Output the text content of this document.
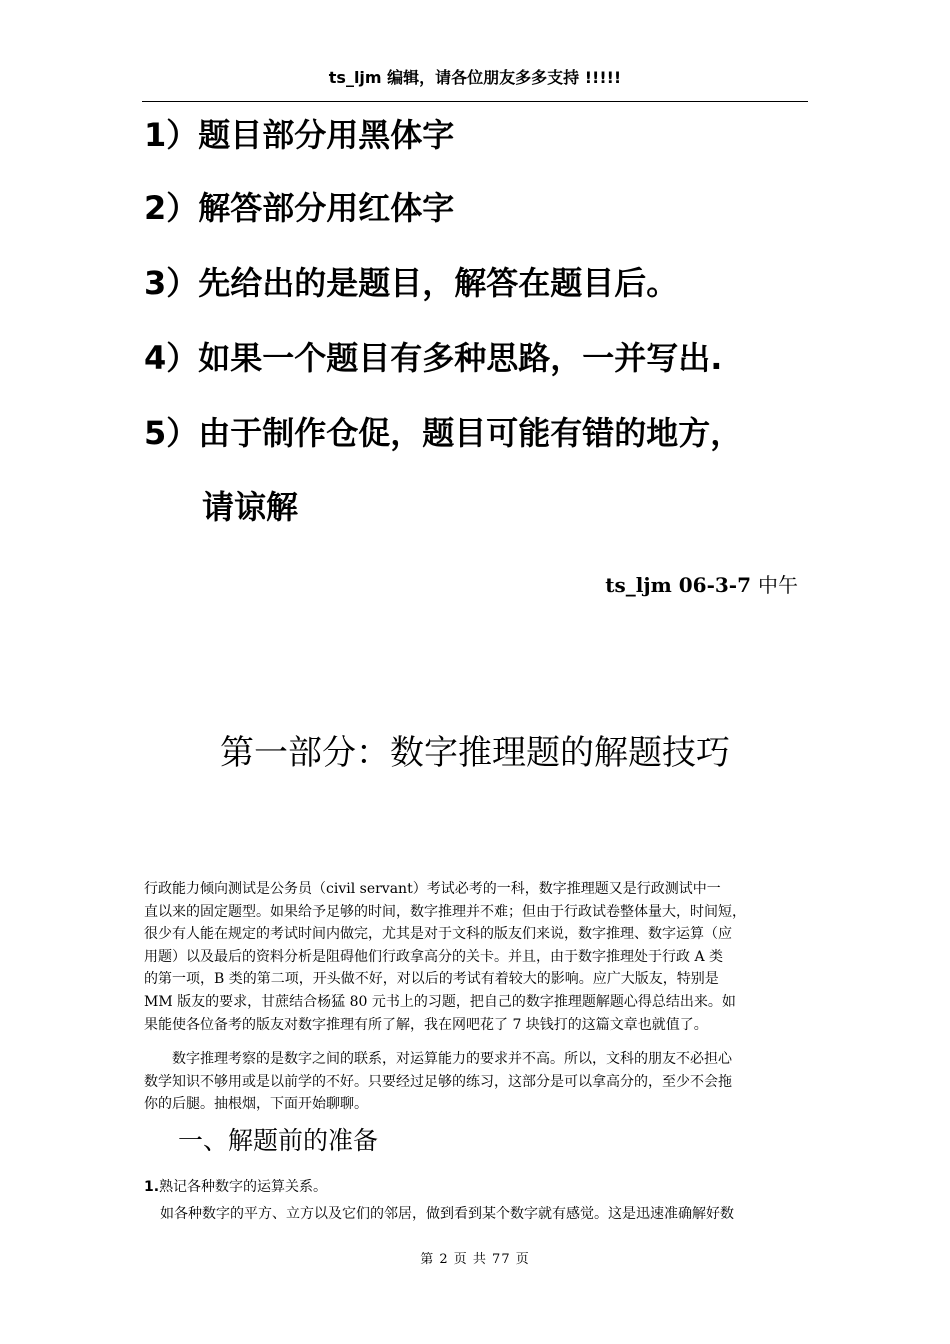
ts_ljm 编辑，请各位朋友多多支持 !!!!!
1）题目部分用黑体字
2）解答部分用红体字
3）先给出的是题目，解答在题目后。
4）如果一个题目有多种思路，一并写出.
5）由于制作仓促，题目可能有错的地方，
请谅解
ts_ljm 06-3-7 中午
第一部分：数字推理题的解题技巧
行政能力倾向测试是公务员（civil servant）考试必考的一科，数字推理题又是行政测试中一
直以来的固定题型。如果给予足够的时间，数字推理并不难；但由于行政试卷整体量大，时间短，
很少有人能在规定的考试时间内做完，尤其是对于文科的版友们来说，数字推理、数字运算（应
用题）以及最后的资料分析是阻碍他们行政拿高分的关卡。并且，由于数字推理处于行政 A 类
的第一项，B 类的第二项，开头做不好，对以后的考试有着较大的影响。应广大版友，特别是
MM 版友的要求，甘蔗结合杨猛 80 元书上的习题，把自己的数字推理题解题心得总结出来。如
果能使各位备考的版友对数字推理有所了解，我在网吧花了 7 块钱打的这篇文章也就值了。
数字推理考察的是数字之间的联系，对运算能力的要求并不高。所以，文科的朋友不必担心
数学知识不够用或是以前学的不好。只要经过足够的练习，这部分是可以拿高分的，至少不会拖
你的后腿。抽根烟，下面开始聊聊。
一、解题前的准备
1.熟记各种数字的运算关系。
如各种数字的平方、立方以及它们的邻居，做到看到某个数字就有感觉。这是迅速准确解好数
第 2 页 共 77 页
